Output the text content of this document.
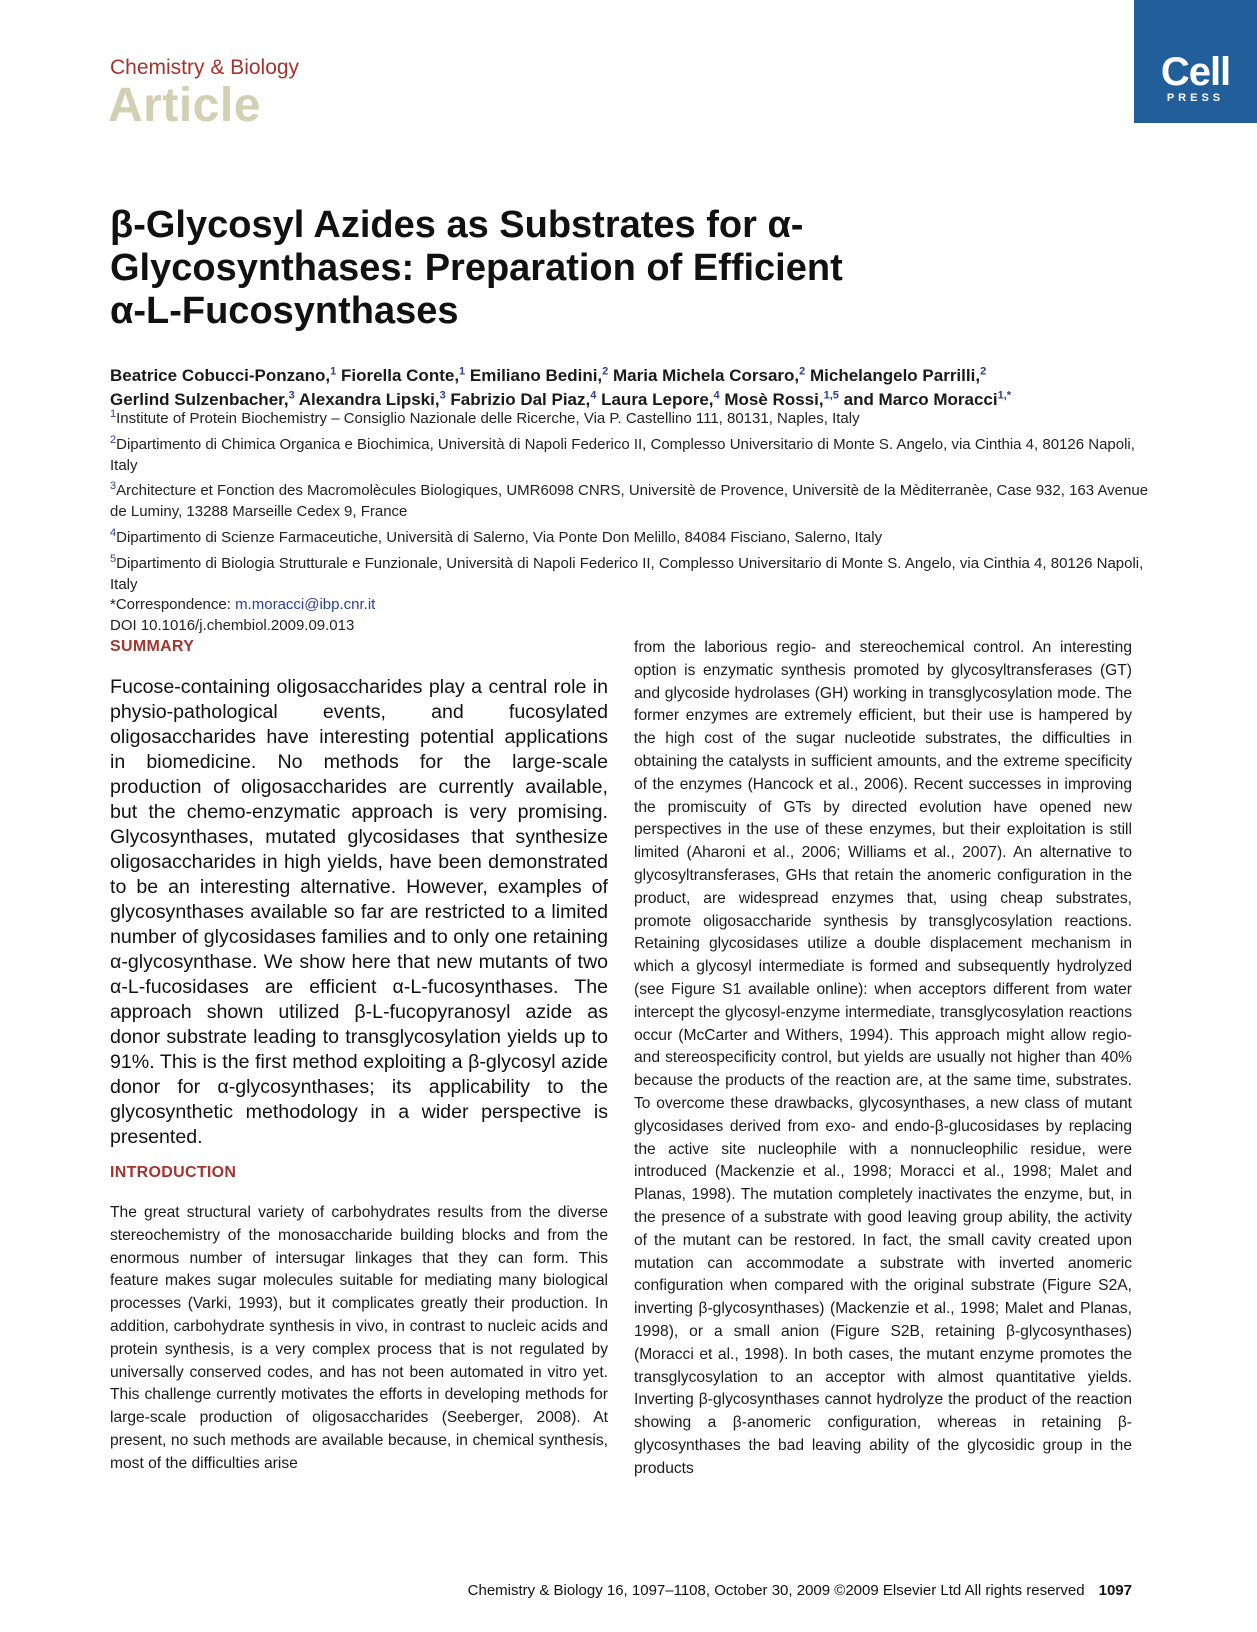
Chemistry & Biology
Article
Cell
PRESS
β-Glycosyl Azides as Substrates for α-Glycosynthases: Preparation of Efficient α-L-Fucosynthases
Beatrice Cobucci-Ponzano,$^1$ Fiorella Conte,$^1$ Emiliano Bedini,$^2$ Maria Michela Corsaro,$^2$ Michelangelo Parrilli,$^2$
Gerlind Sulzenbacher,$^3$ Alexandra Lipski,$^3$ Fabrizio Dal Piaz,$^4$ Laura Lepore,$^4$ Mosè Rossi,$^{1,5}$ and Marco Moracci$^{1,*}$
$^1$Institute of Protein Biochemistry – Consiglio Nazionale delle Ricerche, Via P. Castellino 111, 80131, Naples, Italy
$^2$Dipartimento di Chimica Organica e Biochimica, Università di Napoli Federico II, Complesso Universitario di Monte S. Angelo, via Cinthia 4, 80126 Napoli, Italy
$^3$Architecture et Fonction des Macromolècules Biologiques, UMR6098 CNRS, Universitè de Provence, Universitè de la Mèditerranèe, Case 932, 163 Avenue de Luminy, 13288 Marseille Cedex 9, France
$^4$Dipartimento di Scienze Farmaceutiche, Università di Salerno, Via Ponte Don Melillo, 84084 Fisciano, Salerno, Italy
$^5$Dipartimento di Biologia Strutturale e Funzionale, Università di Napoli Federico II, Complesso Universitario di Monte S. Angelo, via Cinthia 4, 80126 Napoli, Italy
*Correspondence: m.moracci@ibp.cnr.it
DOI 10.1016/j.chembiol.2009.09.013
SUMMARY
Fucose-containing oligosaccharides play a central role in physio-pathological events, and fucosylated oligosaccharides have interesting potential applications in biomedicine. No methods for the large-scale production of oligosaccharides are currently available, but the chemo-enzymatic approach is very promising. Glycosynthases, mutated glycosidases that synthesize oligosaccharides in high yields, have been demonstrated to be an interesting alternative. However, examples of glycosynthases available so far are restricted to a limited number of glycosidases families and to only one retaining α-glycosynthase. We show here that new mutants of two α-L-fucosidases are efficient α-L-fucosynthases. The approach shown utilized β-L-fucopyranosyl azide as donor substrate leading to transglycosylation yields up to 91%. This is the first method exploiting a β-glycosyl azide donor for α-glycosynthases; its applicability to the glycosynthetic methodology in a wider perspective is presented.
INTRODUCTION
The great structural variety of carbohydrates results from the diverse stereochemistry of the monosaccharide building blocks and from the enormous number of intersugar linkages that they can form. This feature makes sugar molecules suitable for mediating many biological processes (Varki, 1993), but it complicates greatly their production. In addition, carbohydrate synthesis in vivo, in contrast to nucleic acids and protein synthesis, is a very complex process that is not regulated by universally conserved codes, and has not been automated in vitro yet. This challenge currently motivates the efforts in developing methods for large-scale production of oligosaccharides (Seeberger, 2008). At present, no such methods are available because, in chemical synthesis, most of the difficulties arise
from the laborious regio- and stereochemical control. An interesting option is enzymatic synthesis promoted by glycosyltransferases (GT) and glycoside hydrolases (GH) working in transglycosylation mode. The former enzymes are extremely efficient, but their use is hampered by the high cost of the sugar nucleotide substrates, the difficulties in obtaining the catalysts in sufficient amounts, and the extreme specificity of the enzymes (Hancock et al., 2006). Recent successes in improving the promiscuity of GTs by directed evolution have opened new perspectives in the use of these enzymes, but their exploitation is still limited (Aharoni et al., 2006; Williams et al., 2007). An alternative to glycosyltransferases, GHs that retain the anomeric configuration in the product, are widespread enzymes that, using cheap substrates, promote oligosaccharide synthesis by transglycosylation reactions. Retaining glycosidases utilize a double displacement mechanism in which a glycosyl intermediate is formed and subsequently hydrolyzed (see Figure S1 available online): when acceptors different from water intercept the glycosyl-enzyme intermediate, transglycosylation reactions occur (McCarter and Withers, 1994). This approach might allow regio- and stereospecificity control, but yields are usually not higher than 40% because the products of the reaction are, at the same time, substrates. To overcome these drawbacks, glycosynthases, a new class of mutant glycosidases derived from exo- and endo-β-glucosidases by replacing the active site nucleophile with a nonnucleophilic residue, were introduced (Mackenzie et al., 1998; Moracci et al., 1998; Malet and Planas, 1998). The mutation completely inactivates the enzyme, but, in the presence of a substrate with good leaving group ability, the activity of the mutant can be restored. In fact, the small cavity created upon mutation can accommodate a substrate with inverted anomeric configuration when compared with the original substrate (Figure S2A, inverting β-glycosynthases) (Mackenzie et al., 1998; Malet and Planas, 1998), or a small anion (Figure S2B, retaining β-glycosynthases) (Moracci et al., 1998). In both cases, the mutant enzyme promotes the transglycosylation to an acceptor with almost quantitative yields. Inverting β-glycosynthases cannot hydrolyze the product of the reaction showing a β-anomeric configuration, whereas in retaining β-glycosynthases the bad leaving ability of the glycosidic group in the products
Chemistry & Biology 16, 1097–1108, October 30, 2009 ©2009 Elsevier Ltd All rights reserved 1097
